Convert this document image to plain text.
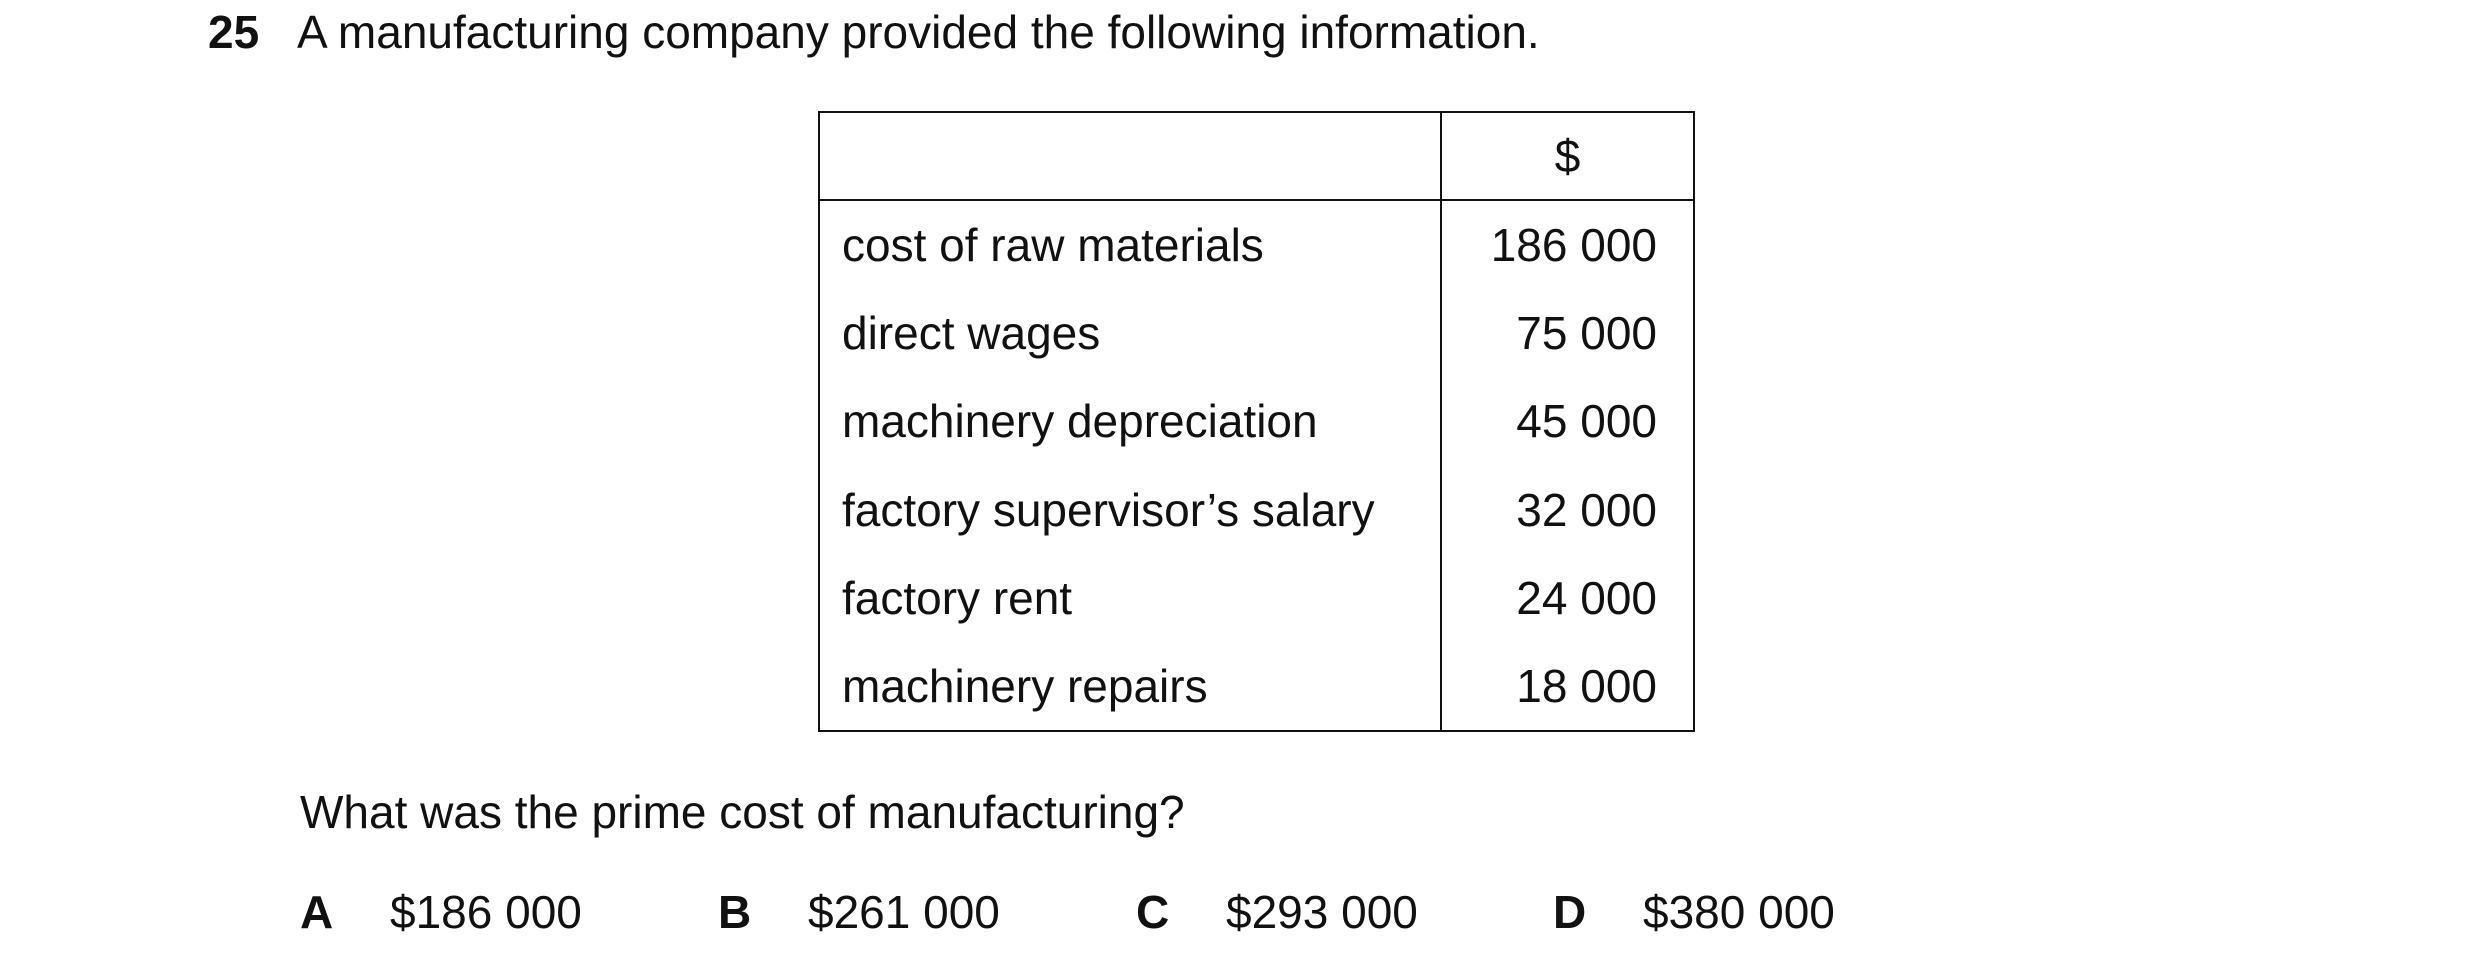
25 A manufacturing company provided the following information.
	$
cost of raw materials	186 000
direct wages	75 000
machinery depreciation	45 000
factory supervisor’s salary	32 000
factory rent	24 000
machinery repairs	18 000
What was the prime cost of manufacturing?
A $186 000	B $261 000	C $293 000	D $380 000
